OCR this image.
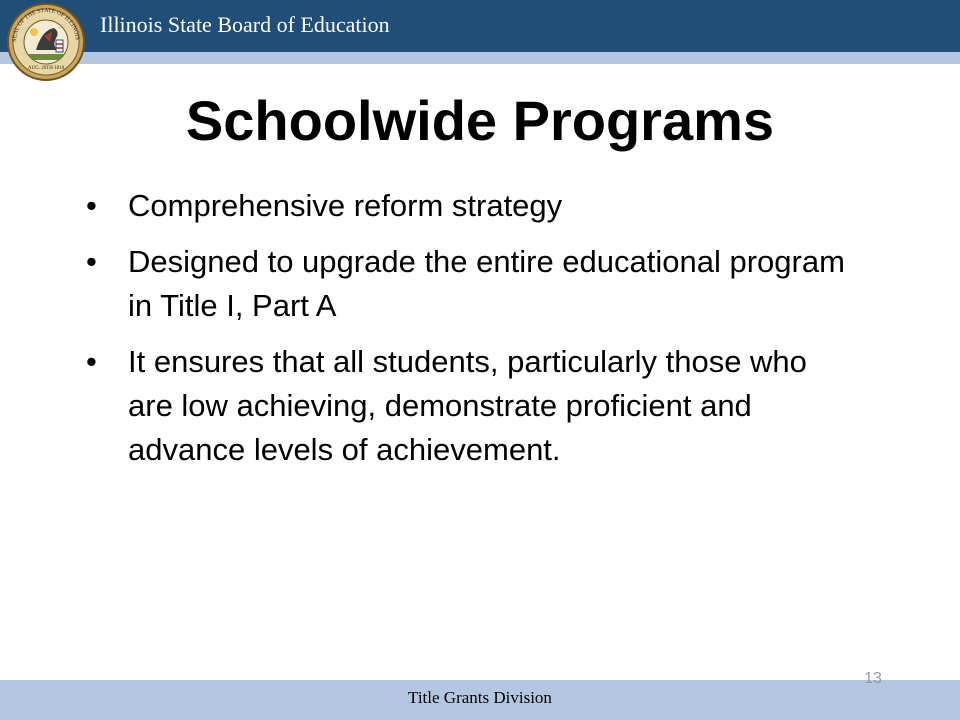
SEAL OF THE STATE OF ILLINOIS
AUG. 26TH 1818
Illinois State Board of Education
Schoolwide Programs
• Comprehensive reform strategy
• Designed to upgrade the entire educational program in Title I, Part A
• It ensures that all students, particularly those who are low achieving, demonstrate proficient and advance levels of achievement.
13
Title Grants Division
